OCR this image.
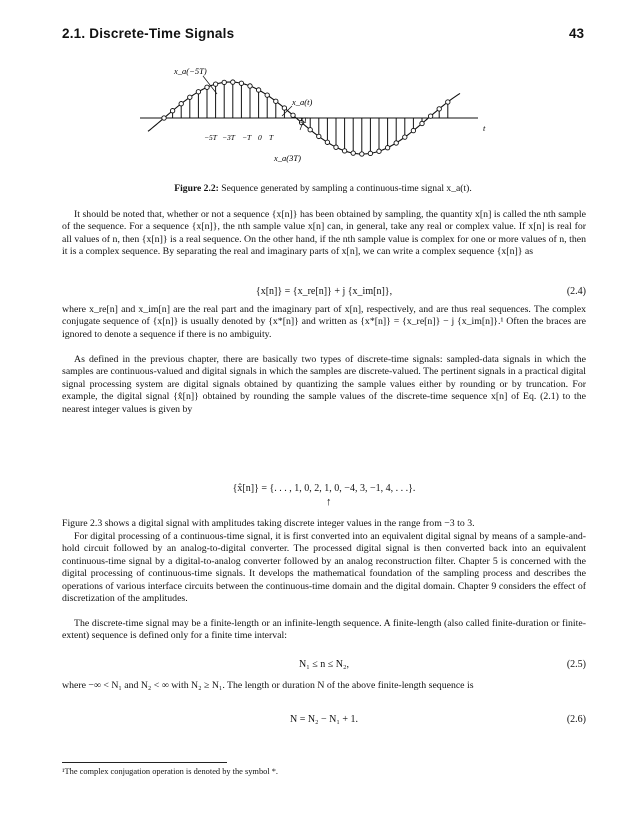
2.1. Discrete-Time Signals	43
x_a(−5T)
x_a(t)
3T
t
−5T −3T −T 0 T
x_a(3T)
Figure 2.2: Sequence generated by sampling a continuous-time signal x_a(t).

It should be noted that, whether or not a sequence {x[n]} has been obtained by sampling, the quantity x[n] is called the nth sample of the sequence. For a sequence {x[n]}, the nth sample value x[n] can, in general, take any real or complex value. If x[n] is real for all values of n, then {x[n]} is a real sequence. On the other hand, if the nth sample value is complex for one or more values of n, then it is a complex sequence. By separating the real and imaginary parts of x[n], we can write a complex sequence {x[n]} as

{x[n]} = {x_re[n]} + j {x_im[n]},	(2.4)

where x_re[n] and x_im[n] are the real part and the imaginary part of x[n], respectively, and are thus real sequences. The complex conjugate sequence of {x[n]} is usually denoted by {x*[n]} and written as {x*[n]} = {x_re[n]} − j {x_im[n]}.¹ Often the braces are ignored to denote a sequence if there is no ambiguity.

As defined in the previous chapter, there are basically two types of discrete-time signals: sampled-data signals in which the samples are continuous-valued and digital signals in which the samples are discrete-valued. The pertinent signals in a practical digital signal processing system are digital signals obtained by quantizing the sample values either by rounding or by truncation. For example, the digital signal {x̂[n]} obtained by rounding the sample values of the discrete-time sequence x[n] of Eq. (2.1) to the nearest integer values is given by

{x̂[n]} = {. . . , 1, 0, 2, 1, 0, −4, 3, −1, 4, . . .}.
↑

Figure 2.3 shows a digital signal with amplitudes taking discrete integer values in the range from −3 to 3.

For digital processing of a continuous-time signal, it is first converted into an equivalent digital signal by means of a sample-and-hold circuit followed by an analog-to-digital converter. The processed digital signal is then converted back into an equivalent continuous-time signal by a digital-to-analog converter followed by an analog reconstruction filter. Chapter 5 is concerned with the digital processing of continuous-time signals. It develops the mathematical foundation of the sampling process and describes the operations of various interface circuits between the continuous-time domain and the digital domain. Chapter 9 considers the effect of discretization of the amplitudes.

The discrete-time signal may be a finite-length or an infinite-length sequence. A finite-length (also called finite-duration or finite-extent) sequence is defined only for a finite time interval:

N₁ ≤ n ≤ N₂,	(2.5)

where −∞ < N₁ and N₂ < ∞ with N₂ ≥ N₁. The length or duration N of the above finite-length sequence is

N = N₂ − N₁ + 1.	(2.6)
¹The complex conjugation operation is denoted by the symbol *.
